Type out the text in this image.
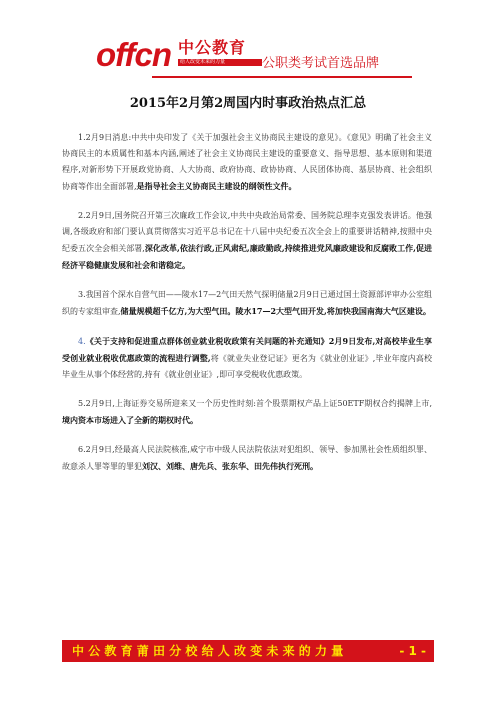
offcn 中公教育
给人改变未来的力量	公职类考试首选品牌
2015年2月第2周国内时事政治热点汇总

1.2月9日消息:中共中央印发了《关于加强社会主义协商民主建设的意见》。《意见》明确了社会主义协商民主的本质属性和基本内涵,阐述了社会主义协商民主建设的重要意义、指导思想、基本原则和渠道程序,对新形势下开展政党协商、人大协商、政府协商、政协协商、人民团体协商、基层协商、社会组织协商等作出全面部署,是指导社会主义协商民主建设的纲领性文件。

2.2月9日,国务院召开第三次廉政工作会议,中共中央政治局常委、国务院总理李克强发表讲话。他强调,各级政府和部门要认真贯彻落实习近平总书记在十八届中央纪委五次全会上的重要讲话精神,按照中央纪委五次全会相关部署,深化改革,依法行政,正风肃纪,廉政勤政,持续推进党风廉政建设和反腐败工作,促进经济平稳健康发展和社会和谐稳定。

3.我国首个深水自营气田——陵水17—2气田天然气探明储量2月9日已通过国土资源部评审办公室组织的专家组审查,储量规模超千亿方,为大型气田。陵水17—2大型气田开发,将加快我国南海大气区建设。

4.《关于支持和促进重点群体创业就业税收政策有关问题的补充通知》2月9日发布,对高校毕业生享受创业就业税收优惠政策的流程进行调整,将《就业失业登记证》更名为《就业创业证》,毕业年度内高校毕业生从事个体经营的,持有《就业创业证》,即可享受税收优惠政策。

5.2月9日,上海证券交易所迎来又一个历史性时刻:首个股票期权产品上证50ETF期权合约揭牌上市,境内资本市场进入了全新的期权时代。

6.2月9日,经最高人民法院核准,咸宁市中级人民法院依法对犯组织、领导、参加黑社会性质组织罪、故意杀人罪等罪的罪犯刘汉、刘维、唐先兵、张东华、田先伟执行死刑。

中公教育莆田分校给人改变未来的力量	- 1 -
